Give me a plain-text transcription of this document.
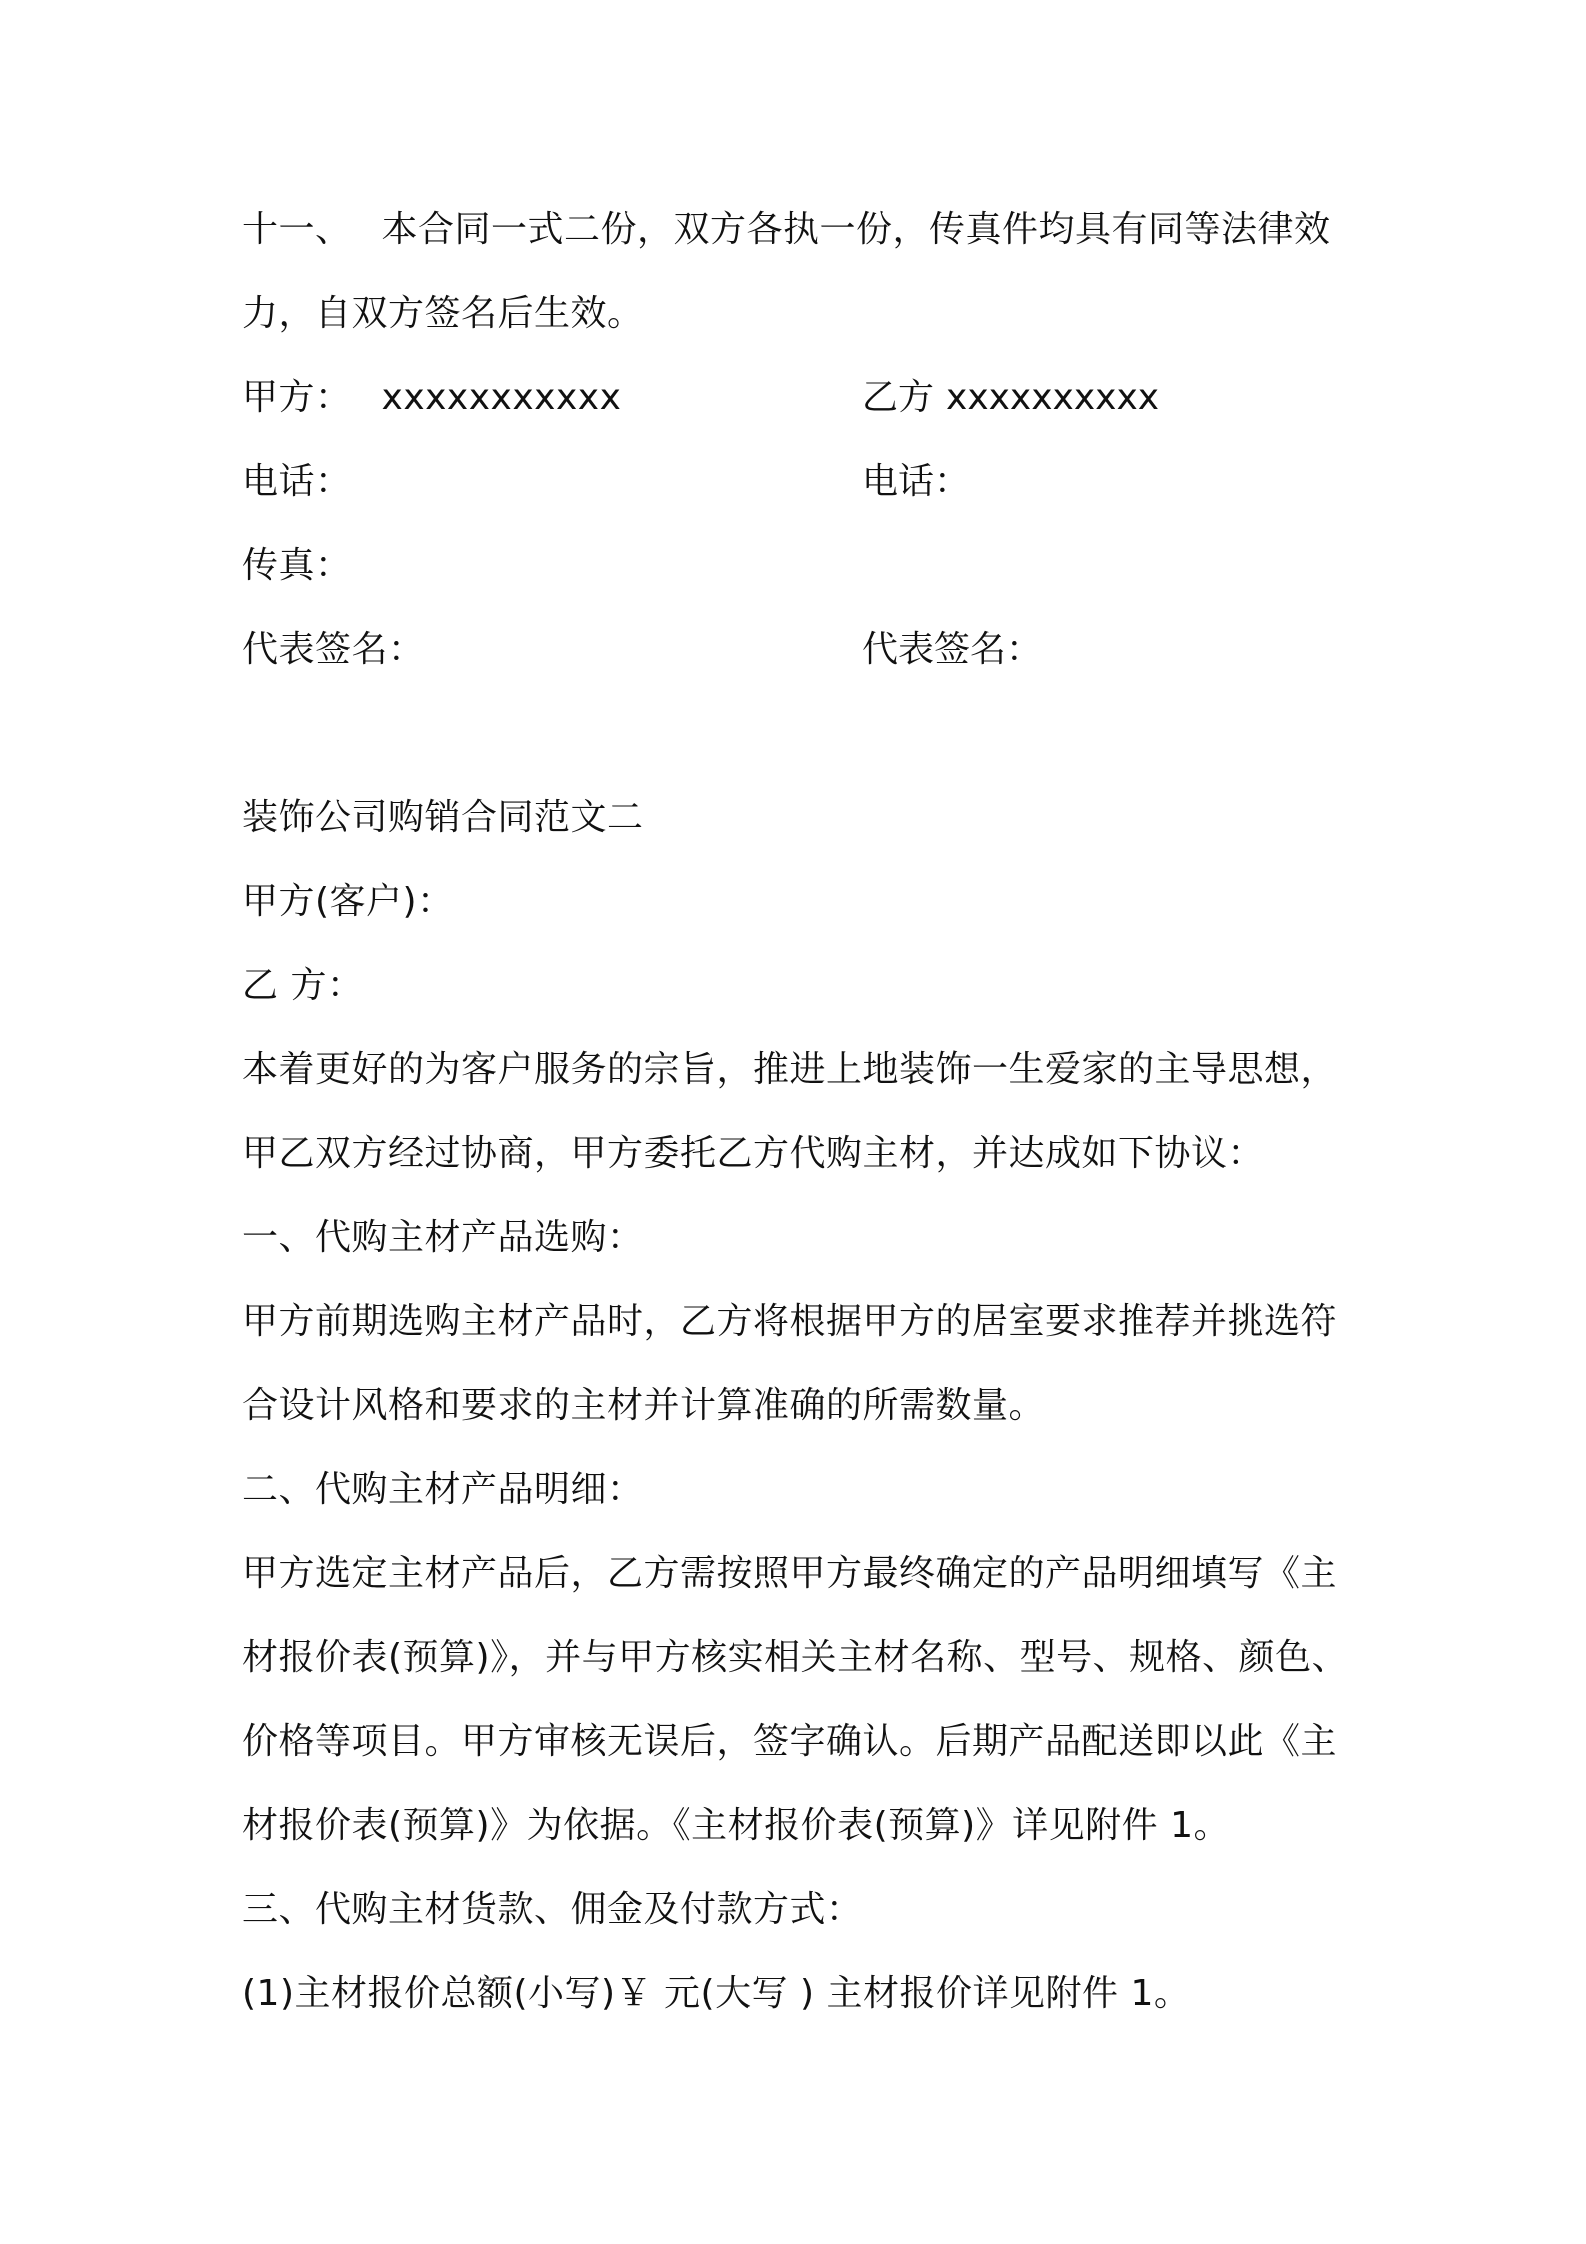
十一、 本合同一式二份，双方各执一份，传真件均具有同等法律效
力，自双方签名后生效。
甲方： xxxxxxxxxxx	乙方 xxxxxxxxxx
电话：	电话：
传真：
代表签名：	代表签名：
装饰公司购销合同范文二
甲方(客户)：
乙 方：
本着更好的为客户服务的宗旨，推进上地装饰一生爱家的主导思想，
甲乙双方经过协商，甲方委托乙方代购主材，并达成如下协议：
一、代购主材产品选购：
甲方前期选购主材产品时，乙方将根据甲方的居室要求推荐并挑选符
合设计风格和要求的主材并计算准确的所需数量。
二、代购主材产品明细：
甲方选定主材产品后，乙方需按照甲方最终确定的产品明细填写《主
材报价表(预算)》，并与甲方核实相关主材名称、型号、规格、颜色、
价格等项目。甲方审核无误后，签字确认。后期产品配送即以此《主
材报价表(预算)》为依据。《主材报价表(预算)》详见附件 1。
三、代购主材货款、佣金及付款方式：
(1)主材报价总额(小写)￥ 元(大写 ) 主材报价详见附件 1。
